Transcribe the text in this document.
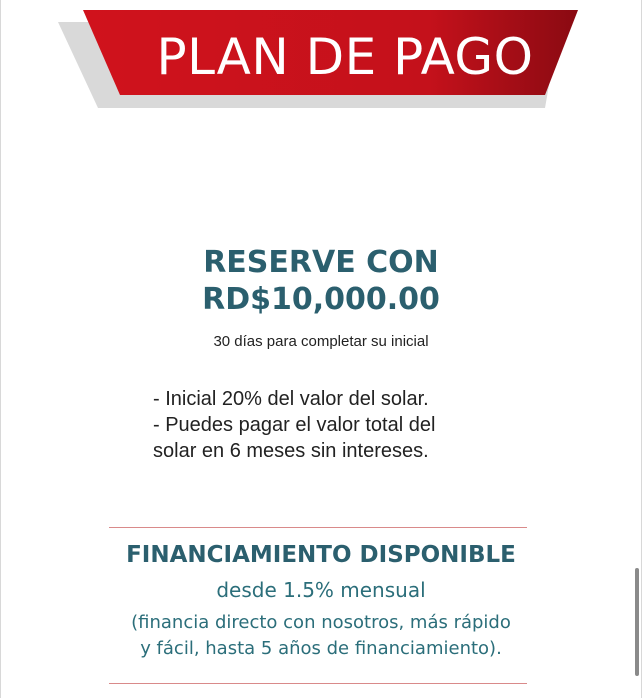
PLAN DE PAGO
RESERVE CON
RD$10,000.00
30 días para completar su inicial
- Inicial 20% del valor del solar.
- Puedes pagar el valor total del
solar en 6 meses sin intereses.
FINANCIAMIENTO DISPONIBLE
desde 1.5% mensual
(financia directo con nosotros, más rápido
y fácil, hasta 5 años de financiamiento).
